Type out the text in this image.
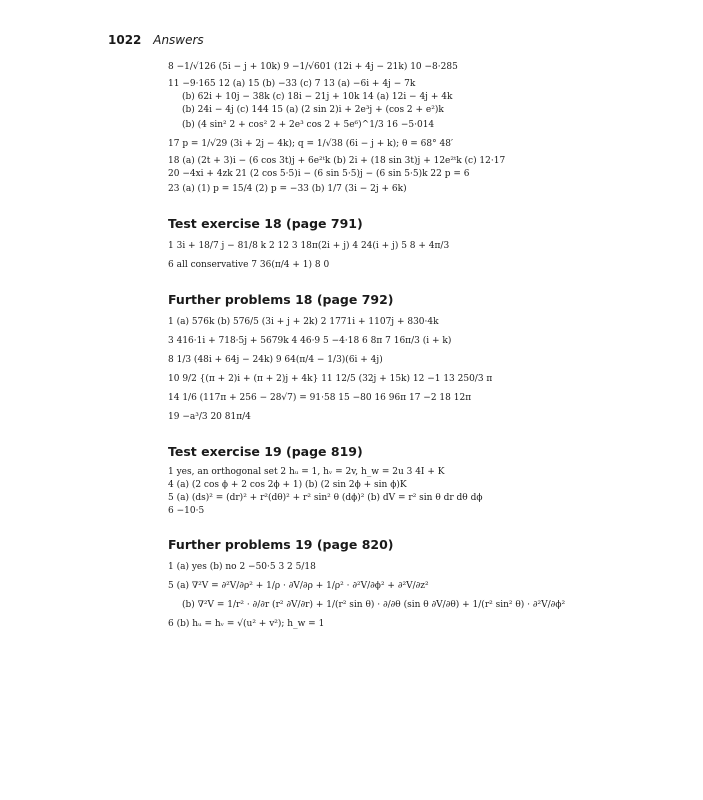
1022 Answers
8 −1/√126 (5i − j + 10k) 9 −1/√601 (12i + 4j − 21k) 10 −8·285
11 −9·165 12 (a) 15 (b) −33 (c) 7 13 (a) −6i + 4j − 7k
(b) 62i + 10j − 38k (c) 18i − 21j + 10k 14 (a) 12i − 4j + 4k
(b) 24i − 4j (c) 144 15 (a) (2 sin 2)i + 2e³j + (cos 2 + e²)k
(b) (4 sin² 2 + cos² 2 + 2e³ cos 2 + 5e⁶)^1/3 16 −5·014
17 p = 1/√29 (3i + 2j − 4k); q = 1/√38 (6i − j + k); θ = 68° 48′
18 (a) (2t + 3)i − (6 cos 3t)j + 6e²ᵗk (b) 2i + (18 sin 3t)j + 12e²ᵗk (c) 12·17
20 −4xi + 4zk 21 (2 cos 5·5)i − (6 sin 5·5)j − (6 sin 5·5)k 22 p = 6
23 (a) (1) p = 15/4 (2) p = −33 (b) 1/7 (3i − 2j + 6k)
Test exercise 18 (page 791)
1 3i + 18/7 j − 81/8 k 2 12 3 18π(2i + j) 4 24(i + j) 5 8 + 4π/3
6 all conservative 7 36(π/4 + 1) 8 0
Further problems 18 (page 792)
1 (a) 576k (b) 576/5 (3i + j + 2k) 2 1771i + 1107j + 830·4k
3 416·1i + 718·5j + 5679k 4 46·9 5 −4·18 6 8π 7 16π/3 (i + k)
8 1/3 (48i + 64j − 24k) 9 64(π/4 − 1/3)(6i + 4j)
10 9/2 {(π + 2)i + (π + 2)j + 4k} 11 12/5 (32j + 15k) 12 −1 13 250/3 π
14 1/6 (117π + 256 − 28√7) = 91·58 15 −80 16 96π 17 −2 18 12π
19 −a³/3 20 81π/4
Test exercise 19 (page 819)
1 yes, an orthogonal set 2 hᵤ = 1, hᵥ = 2v, h_w = 2u 3 4I + K
4 (a) (2 cos ϕ + 2 cos 2ϕ + 1) (b) (2 sin 2ϕ + sin ϕ)K
5 (a) (ds)² = (dr)² + r²(dθ)² + r² sin² θ (dϕ)² (b) dV = r² sin θ dr dθ dϕ
6 −10·5
Further problems 19 (page 820)
1 (a) yes (b) no 2 −50·5 3 2 5/18
5 (a) ∇²V = ∂²V/∂ρ² + 1/ρ · ∂V/∂ρ + 1/ρ² · ∂²V/∂ϕ² + ∂²V/∂z²
(b) ∇²V = 1/r² · ∂/∂r (r² ∂V/∂r) + 1/(r² sin θ) · ∂/∂θ (sin θ ∂V/∂θ) + 1/(r² sin² θ) · ∂²V/∂ϕ²
6 (b) hᵤ = hᵥ = √(u² + v²); h_w = 1
